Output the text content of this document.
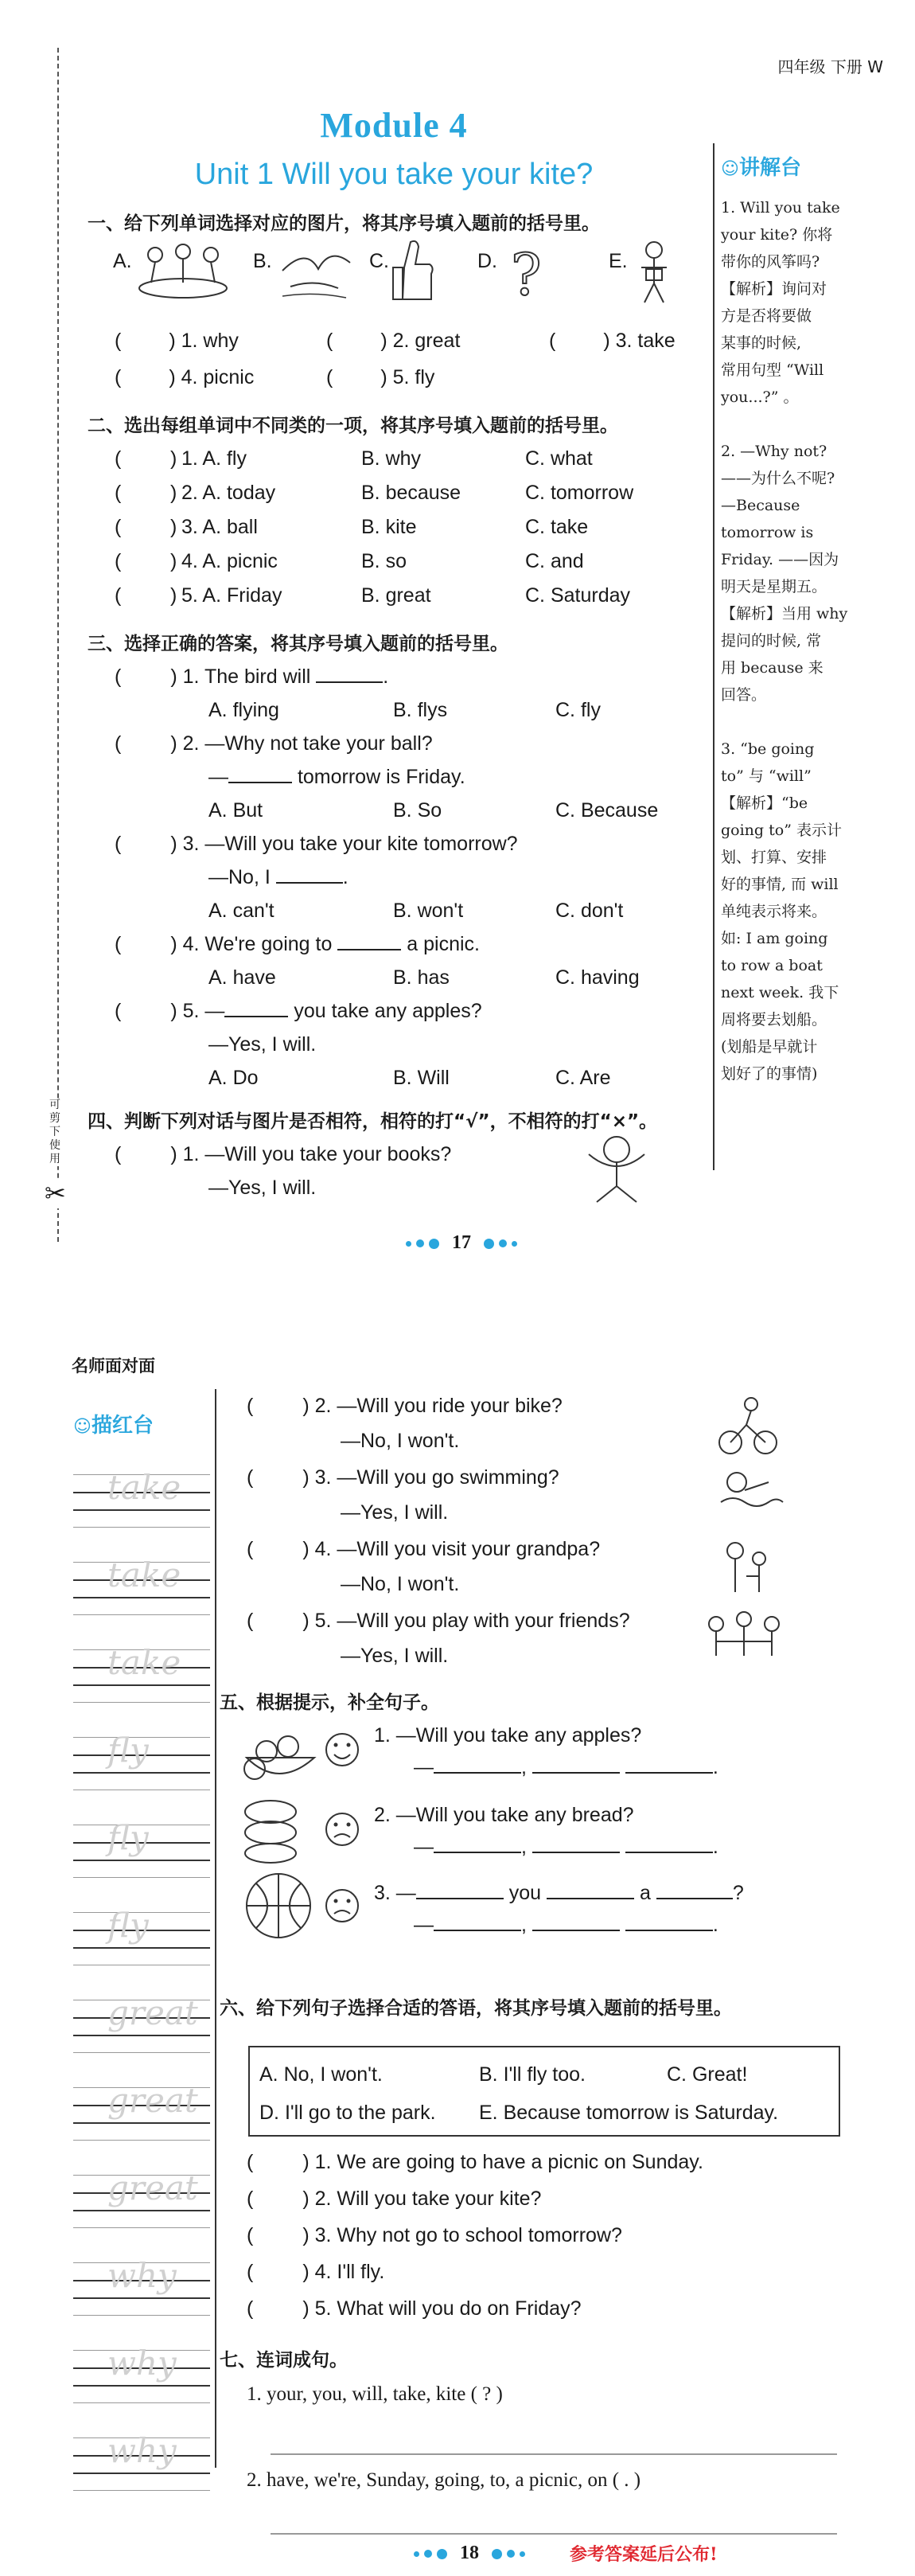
四年级 下册 W
可剪下使用
✂
Module 4
Unit 1 Will you take your kite?
一、给下列单词选择对应的图片，将其序号填入题前的括号里。
A.	B.	C.	D.	E.
?
( ) 1. why	( ) 2. great	( ) 3. take
( ) 4. picnic	( ) 5. fly
二、选出每组单词中不同类的一项，将其序号填入题前的括号里。
( ) 1. A. fly	B. why	C. what
( ) 2. A. today	B. because	C. tomorrow
( ) 3. A. ball	B. kite	C. take
( ) 4. A. picnic	B. so	C. and
( ) 5. A. Friday	B. great	C. Saturday
三、选择正确的答案，将其序号填入题前的括号里。
( ) 1. The bird will	.
A. flying	B. flys	C. fly
( ) 2. —Why not take your ball?
—	tomorrow is Friday.
A. But	B. So	C. Because
( ) 3. —Will you take your kite tomorrow?
—No, I	.
A. can't	B. won't	C. don't
( ) 4. We're going to	a picnic.
A. have	B. has	C. having
( ) 5. —	you take any apples?
—Yes, I will.
A. Do	B. Will	C. Are
四、判断下列对话与图片是否相符，相符的打“√”，不相符的打“×”。
( ) 1. —Will you take your books?
—Yes, I will.
☺讲解台
1. Will you take
your kite? 你将
带你的风筝吗?
【解析】询问对
方是否将要做
某事的时候,
常用句型 “Will
you...?” 。
2. —Why not?
——为什么不呢?
—Because
tomorrow is
Friday. ——因为
明天是星期五。
【解析】当用 why
提问的时候, 常
用 because 来
回答。
3. “be going
to” 与 “will”
【解析】“be
going to” 表示计
划、打算、安排
好的事情, 而 will
单纯表示将来。
如: I am going
to row a boat
next week. 我下
周将要去划船。
(划船是早就计
划好了的事情)
17
名师面对面
☺描红台
take
take
take
fly
fly
fly
great
great
great
why
why
why
( ) 2. —Will you ride your bike?
—No, I won't.
( ) 3. —Will you go swimming?
—Yes, I will.
( ) 4. —Will you visit your grandpa?
—No, I won't.
( ) 5. —Will you play with your friends?
—Yes, I will.
五、根据提示，补全句子。
1. —Will you take any apples?
—	,	.
2. —Will you take any bread?
—	,	.
3. —	you	a	?
—	,	.
六、给下列句子选择合适的答语，将其序号填入题前的括号里。
A. No, I won't.	B. I'll fly too.	C. Great!
D. I'll go to the park. E. Because tomorrow is Saturday.
( ) 1. We are going to have a picnic on Sunday.
( ) 2. Will you take your kite?
( ) 3. Why not go to school tomorrow?
( ) 4. I'll fly.
( ) 5. What will you do on Friday?
七、连词成句。
1. your, you, will, take, kite ( ? )
2. have, we're, Sunday, going, to, a picnic, on ( . )
18	参考答案延后公布!
